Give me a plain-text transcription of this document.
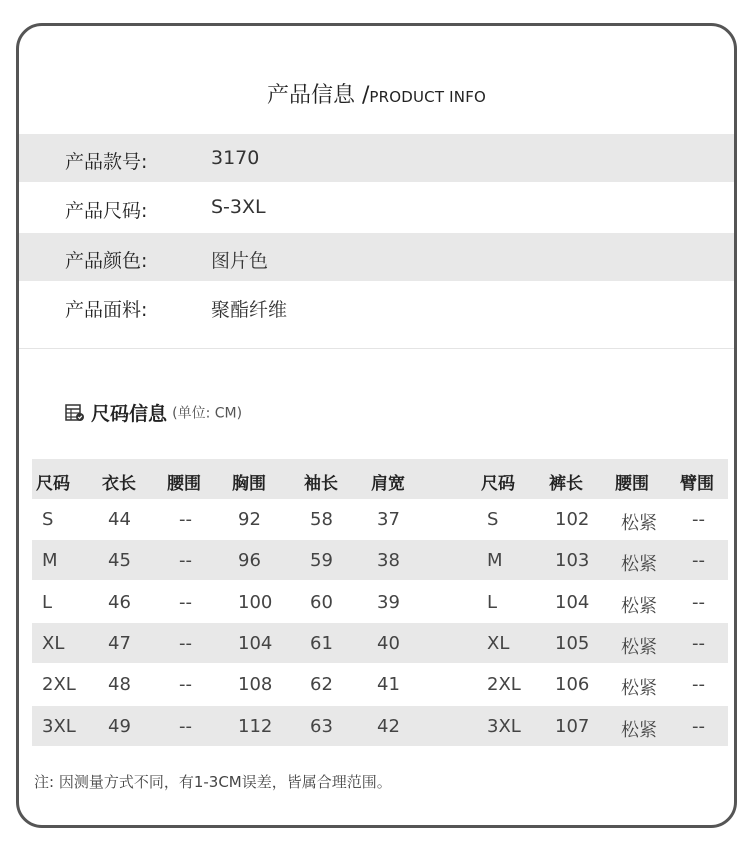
产品信息 /PRODUCT INFO
产品款号:	3170
产品尺码:	S-3XL
产品颜色:	图片色
产品面料:	聚酯纤维
尺码信息 (单位: CM)
尺码 衣长 腰围 胸围 袖长 肩宽	尺码 裤长 腰围 臂围
S	44	--	92	58 37	S	102 松紧 --
M	45	--	96	59 38	M	103 松紧 --
L	46	--	100 60 39	L	104 松紧 --
XL 47	--	104 61 40	XL	105 松紧 --
2XL 48	--	108 62 41	2XL 106 松紧 --
3XL 49	--	112 63 42	3XL 107 松紧 --
注: 因测量方式不同，有1-3CM误差，皆属合理范围。
